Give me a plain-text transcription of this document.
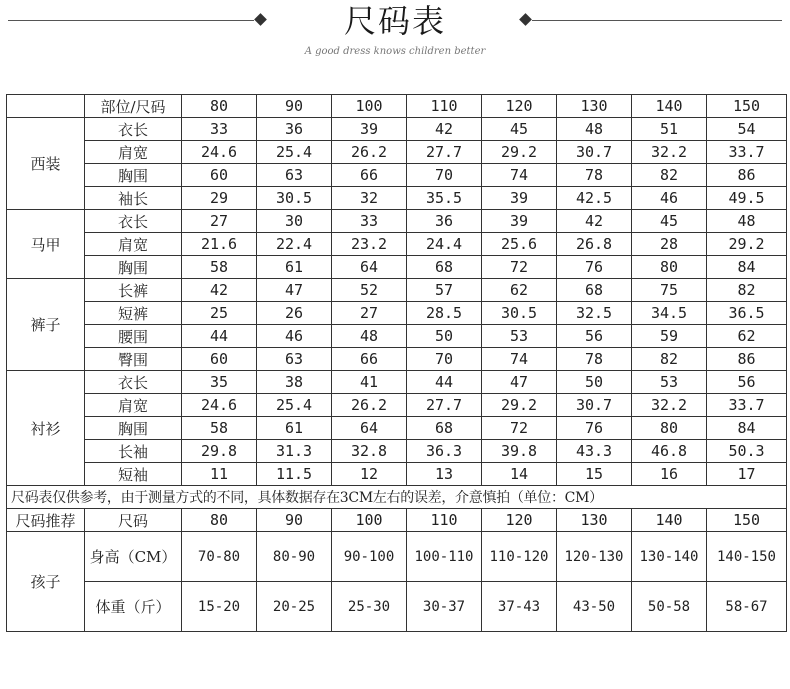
尺码表
A good dress knows children better
	部位/尺码	80	90	100	110	120	130	140	150
西装	衣长	33	36	39	42	45	48	51	54
	肩宽	24.6	25.4	26.2	27.7	29.2	30.7	32.2	33.7
	胸围	60	63	66	70	74	78	82	86
	袖长	29	30.5	32	35.5	39	42.5	46	49.5
马甲	衣长	27	30	33	36	39	42	45	48
	肩宽	21.6	22.4	23.2	24.4	25.6	26.8	28	29.2
	胸围	58	61	64	68	72	76	80	84
裤子	长裤	42	47	52	57	62	68	75	82
	短裤	25	26	27	28.5	30.5	32.5	34.5	36.5
	腰围	44	46	48	50	53	56	59	62
	臀围	60	63	66	70	74	78	82	86
衬衫	衣长	35	38	41	44	47	50	53	56
	肩宽	24.6	25.4	26.2	27.7	29.2	30.7	32.2	33.7
	胸围	58	61	64	68	72	76	80	84
	长袖	29.8	31.3	32.8	36.3	39.8	43.3	46.8	50.3
	短袖	11	11.5	12	13	14	15	16	17
尺码表仅供参考，由于测量方式的不同，具体数据存在3CM左右的误差，介意慎拍（单位：CM）									
尺码推荐	尺码	80	90	100	110	120	130	140	150
孩子	身高（CM）	70-80	80-90	90-100	100-110	110-120	120-130	130-140	140-150
	体重（斤）	15-20	20-25	25-30	30-37	37-43	43-50	50-58	58-67
